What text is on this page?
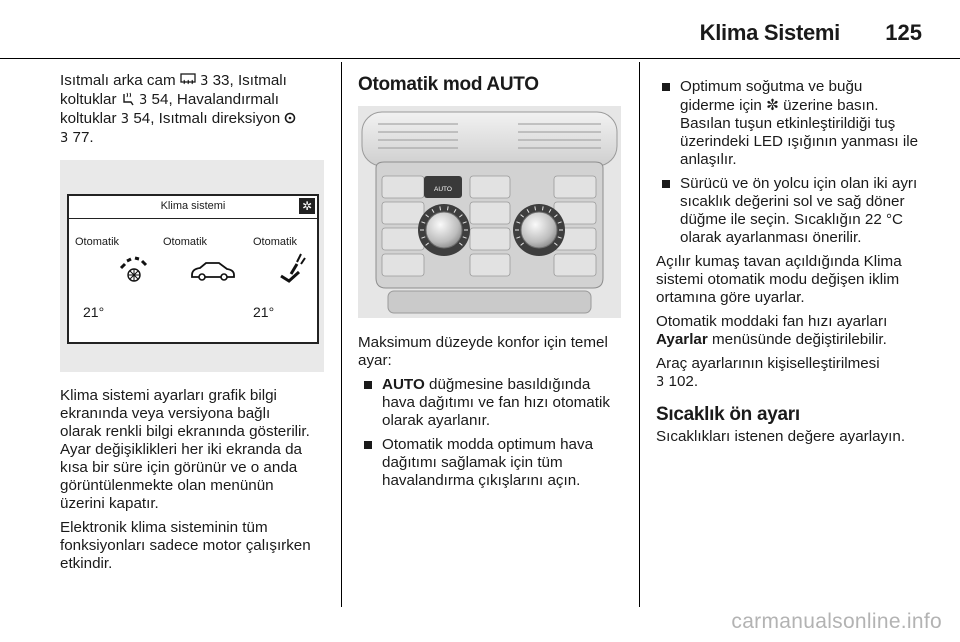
Klima Sistemi 125

Isıtmalı arka cam 3 33, Isıtmalı
koltuklar 3 54, Havalandırmalı
koltuklar 3 54, Isıtmalı direksiyon
3 77.

Klima sistemi	✲
Otomatik	Otomatik	Otomatik
21°	21°

Klima sistemi ayarları grafik bilgi
ekranında veya versiyona bağlı
olarak renkli bilgi ekranında gösterilir.
Ayar değişiklikleri her iki ekranda da
kısa bir süre için görünür ve o anda
görüntülenmekte olan menünün
üzerini kapatır.

Elektronik klima sisteminin tüm
fonksiyonları sadece motor çalışırken
etkindir.

Otomatik mod AUTO
AUTO

Maksimum düzeyde konfor için temel
ayar:

AUTO düğmesine basıldığında
hava dağıtımı ve fan hızı otomatik
olarak ayarlanır.

Otomatik modda optimum hava
dağıtımı sağlamak için tüm
havalandırma çıkışlarını açın.

Optimum soğutma ve buğu
giderme için ✼ üzerine basın.
Basılan tuşun etkinleştirildiği tuş
üzerindeki LED ışığının yanması ile
anlaşılır.

Sürücü ve ön yolcu için olan iki ayrı
sıcaklık değerini sol ve sağ döner
düğme ile seçin. Sıcaklığın 22 °C
olarak ayarlanması önerilir.

Açılır kumaş tavan açıldığında Klima
sistemi otomatik modu değişen iklim
ortamına göre uyarlar.

Otomatik moddaki fan hızı ayarları
Ayarlar menüsünde değiştirilebilir.

Araç ayarlarının kişiselleştirilmesi
3 102.

Sıcaklık ön ayarı

Sıcaklıkları istenen değere ayarlayın.

carmanualsonline.info
